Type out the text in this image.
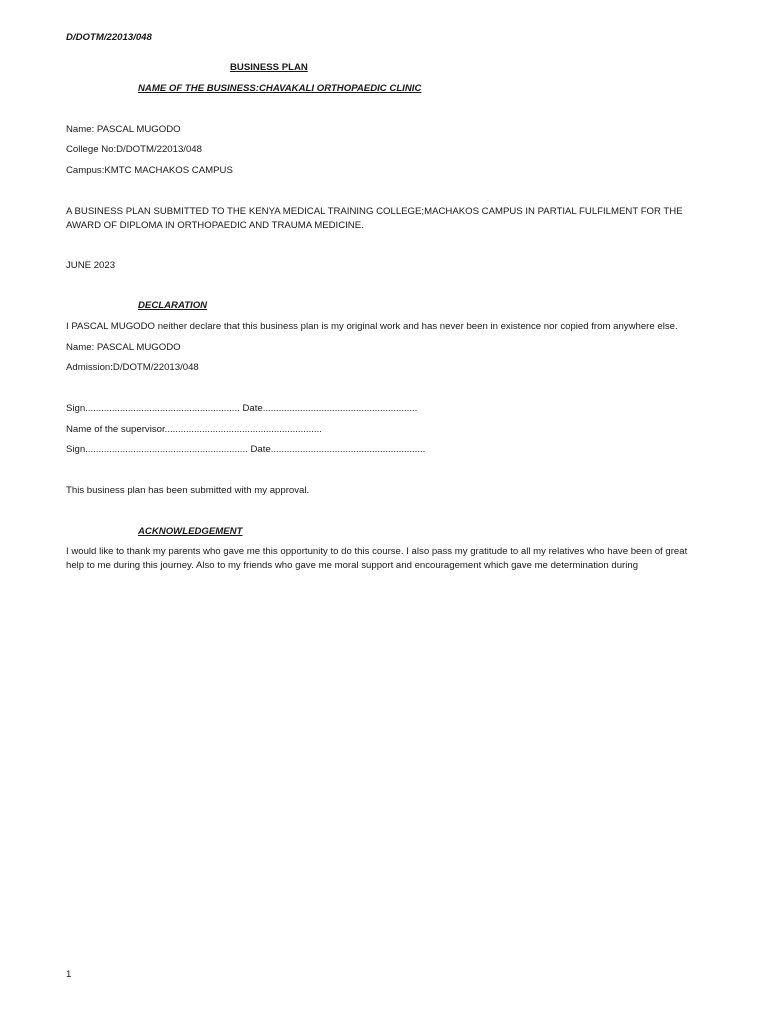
D/DOTM/22013/048
BUSINESS PLAN
NAME OF THE BUSINESS:CHAVAKALI ORTHOPAEDIC CLINIC
Name: PASCAL MUGODO
College No:D/DOTM/22013/048
Campus:KMTC MACHAKOS CAMPUS
A BUSINESS PLAN SUBMITTED TO THE KENYA MEDICAL TRAINING COLLEGE;MACHAKOS CAMPUS IN PARTIAL FULFILMENT FOR THE AWARD OF DIPLOMA IN ORTHOPAEDIC AND TRAUMA MEDICINE.
JUNE 2023
DECLARATION
I PASCAL MUGODO neither declare that this business plan is my original work and has never been in existence nor copied from anywhere else.
Name: PASCAL MUGODO
Admission:D/DOTM/22013/048
Sign.......................................................... Date..........................................................
Name of the supervisor...........................................................
Sign............................................................. Date..........................................................
This business plan has been submitted with my approval.
ACKNOWLEDGEMENT
I would like to thank my parents who gave me this opportunity to do this course. I also pass my gratitude to all my relatives who have been of great help to me during this journey. Also to my friends who gave me moral support and encouragement which gave me determination during
1
